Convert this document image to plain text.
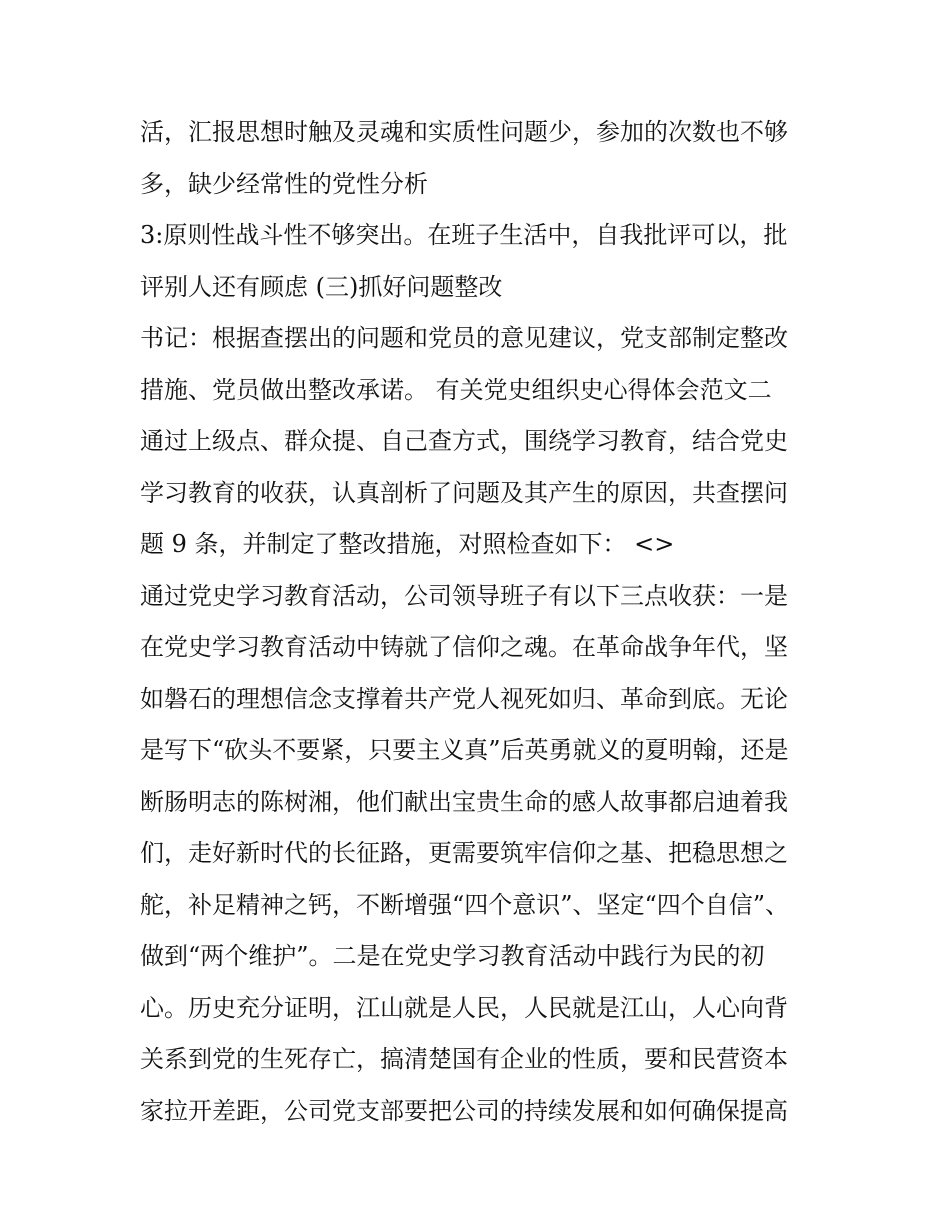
活，汇报思想时触及灵魂和实质性问题少，参加的次数也不够
多，缺少经常性的党性分析
3:原则性战斗性不够突出。在班子生活中，自我批评可以，批
评别人还有顾虑 (三)抓好问题整改
书记：根据查摆出的问题和党员的意见建议，党支部制定整改
措施、党员做出整改承诺。 有关党史组织史心得体会范文二
通过上级点、群众提、自己查方式，围绕学习教育，结合党史
学习教育的收获，认真剖析了问题及其产生的原因，共查摆问
题 9 条，并制定了整改措施，对照检查如下： <>
通过党史学习教育活动，公司领导班子有以下三点收获：一是
在党史学习教育活动中铸就了信仰之魂。在革命战争年代，坚
如磐石的理想信念支撑着共产党人视死如归、革命到底。无论
是写下“砍头不要紧，只要主义真”后英勇就义的夏明翰，还是
断肠明志的陈树湘，他们献出宝贵生命的感人故事都启迪着我
们，走好新时代的长征路，更需要筑牢信仰之基、把稳思想之
舵，补足精神之钙，不断增强“四个意识”、坚定“四个自信”、
做到“两个维护”。二是在党史学习教育活动中践行为民的初
心。历史充分证明，江山就是人民，人民就是江山，人心向背
关系到党的生死存亡，搞清楚国有企业的性质，要和民营资本
家拉开差距，公司党支部要把公司的持续发展和如何确保提高
